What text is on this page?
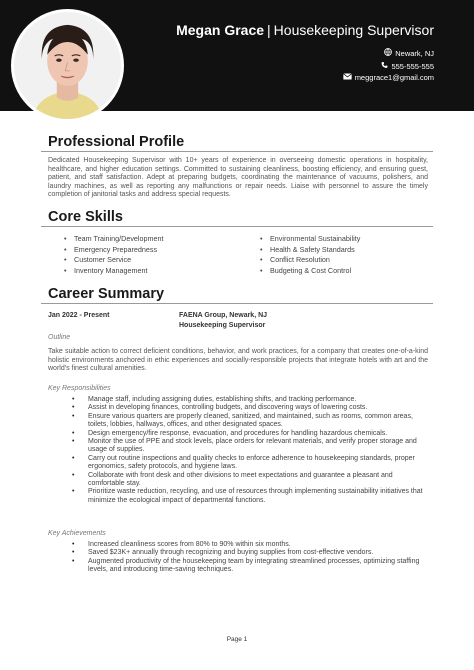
Megan Grace | Housekeeping Supervisor
Newark, NJ
555-555-555
meggrace1@gmail.com
Professional Profile
Dedicated Housekeeping Supervisor with 10+ years of experience in overseeing domestic operations in hospitality, healthcare, and higher education settings. Committed to sustaining cleanliness, boosting efficiency, and ensuring guest, patient, and staff satisfaction. Adept at preparing budgets, coordinating the maintenance of vacuums, polishers, and laundry machines, as well as reporting any malfunctions or repair needs. Liaise with personnel to assure the timely completion of janitorial tasks and address special requests.
Core Skills
• Team Training/Development
• Emergency Preparedness
• Customer Service
• Inventory Management
• Environmental Sustainability
• Health & Safety Standards
• Conflict Resolution
• Budgeting & Cost Control
Career Summary
Jan 2022 - Present	FAENA Group, Newark, NJ
Housekeeping Supervisor
Outline
Take suitable action to correct deficient conditions, behavior, and work practices, for a company that creates one-of-a-kind holistic environments anchored in ethic experiences and socially-responsible projects that integrate hotels with art and the world's finest cultural amenities.
Key Responsibilities
• Manage staff, including assigning duties, establishing shifts, and tracking performance.
• Assist in developing finances, controlling budgets, and discovering ways of lowering costs.
• Ensure various quarters are properly cleaned, sanitized, and maintained, such as rooms, common areas, toilets, lobbies, hallways, offices, and other designated spaces.
• Design emergency/fire response, evacuation, and procedures for handling hazardous chemicals.
• Monitor the use of PPE and stock levels, place orders for relevant materials, and verify proper storage and usage of supplies.
• Carry out routine inspections and quality checks to enforce adherence to housekeeping standards, proper ergonomics, safety protocols, and hygiene laws.
• Collaborate with front desk and other divisions to meet expectations and guarantee a pleasant and comfortable stay.
• Prioritize waste reduction, recycling, and use of resources through implementing sustainability initiatives that minimize the ecological impact of departmental functions.
Key Achievements
• Increased cleanliness scores from 80% to 90% within six months.
• Saved $23K+ annually through recognizing and buying supplies from cost-effective vendors.
• Augmented productivity of the housekeeping team by integrating streamlined processes, optimizing staffing levels, and introducing time-saving techniques.
Page 1
